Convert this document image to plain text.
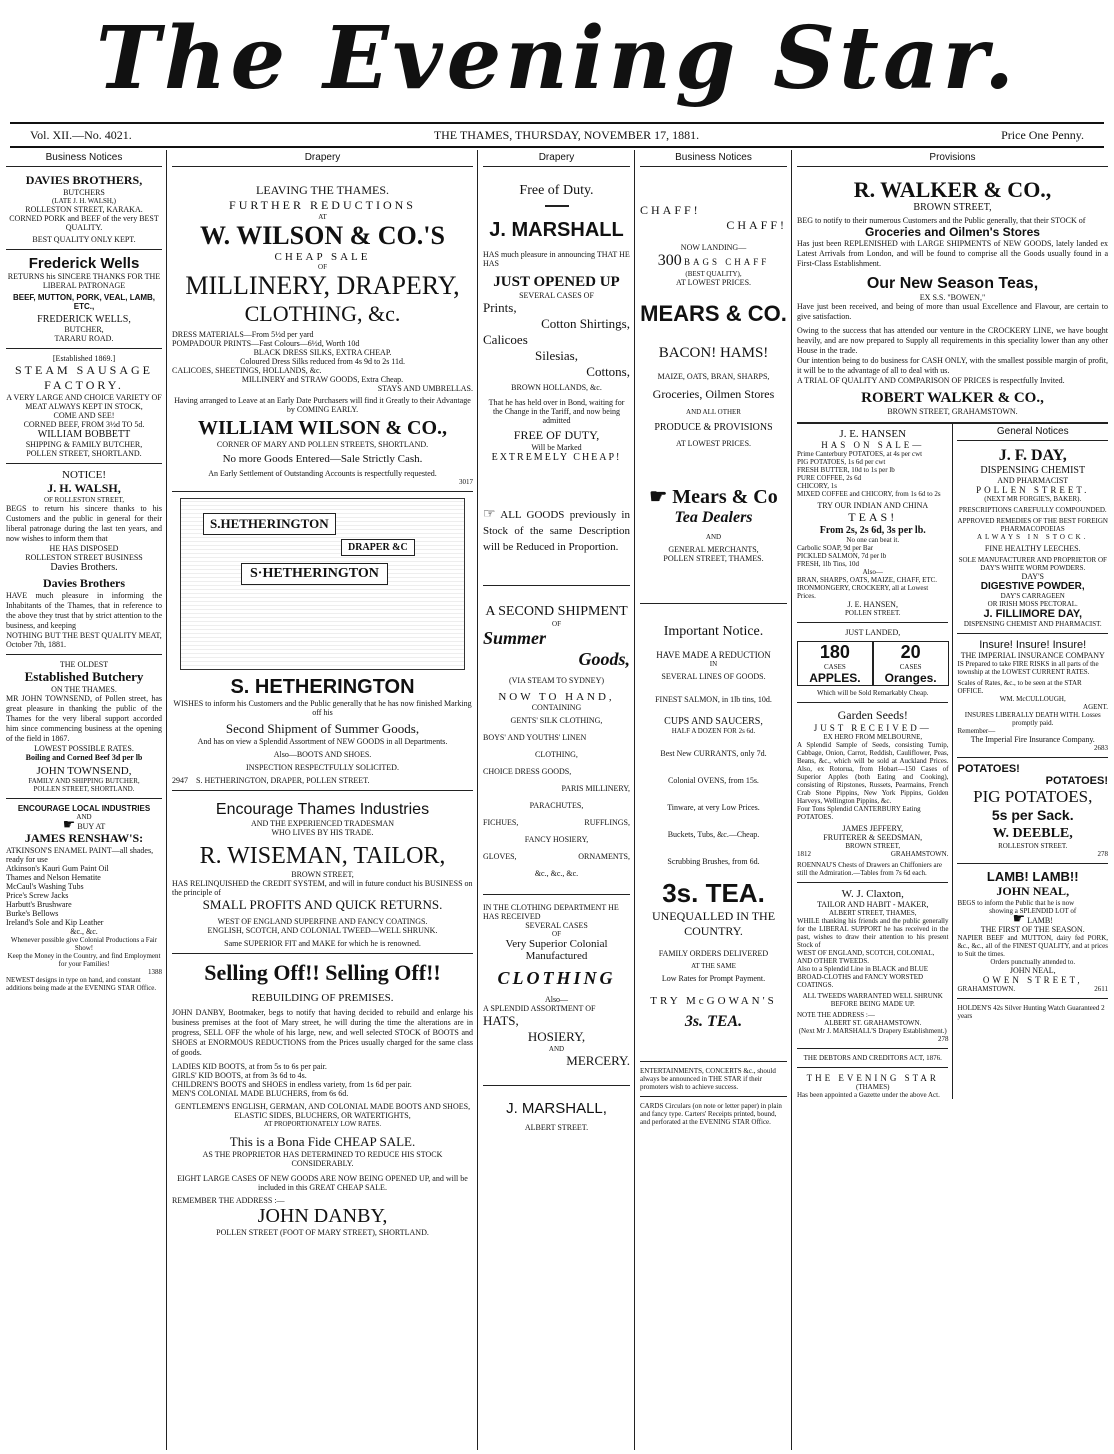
The Evening Star.
Vol. XII.—No. 4021.	THE THAMES, THURSDAY, NOVEMBER 17, 1881.	Price One Penny.
Business Notices
DAVIES BROTHERS,
BUTCHERS
(LATE J. H. WALSH,)
ROLLESTON STREET, KARAKA.
CORNED PORK and BEEF of the very BEST QUALITY.
BEST QUALITY ONLY KEPT.
Frederick Wells
RETURNS his SINCERE THANKS FOR THE LIBERAL PATRONAGE
BEEF, MUTTON, PORK, VEAL, LAMB, ETC.,
FREDERICK WELLS,
BUTCHER,
TARARU ROAD.
[Established 1869.]
STEAM SAUSAGE FACTORY.
A VERY LARGE AND CHOICE VARIETY OF MEAT ALWAYS KEPT IN STOCK,
COME AND SEE!
CORNED BEEF, FROM 3½d TO 5d.
WILLIAM BOBBETT
SHIPPING & FAMILY BUTCHER,
POLLEN STREET, SHORTLAND.
NOTICE!
J. H. WALSH,
OF ROLLESTON STREET,
BEGS to return his sincere thanks to his Customers and the public in general for their liberal patronage during the last ten years, and now wishes to inform them that
HE HAS DISPOSED
ROLLESTON STREET BUSINESS
Davies Brothers.
Davies Brothers
HAVE much pleasure in informing the Inhabitants of the Thames, that in reference to the above they trust that by strict attention to the business, and keeping
NOTHING BUT THE BEST QUALITY MEAT,
October 7th, 1881.
THE OLDEST
Established Butchery
ON THE THAMES.
MR JOHN TOWNSEND, of Pollen street, has great pleasure in thanking the public of the Thames for the very liberal support accorded him since commencing business at the opening of the field in 1867.
LOWEST POSSIBLE RATES.
Boiling and Corned Beef 3d per lb
JOHN TOWNSEND,
FAMILY AND SHIPPING BUTCHER,
POLLEN STREET, SHORTLAND.
ENCOURAGE LOCAL INDUSTRIES
AND
☛ BUY AT
JAMES RENSHAW'S:
ATKINSON'S ENAMEL PAINT—all shades, ready for use
Atkinson's Kauri Gum Paint Oil
Thames and Nelson Hematite
McCaul's Washing Tubs
Price's Screw Jacks
Harbutt's Brushware
Burke's Bellows
Ireland's Sole and Kip Leather
&c., &c.
Whenever possible give Colonial Productions a Fair Show!
Keep the Money in the Country, and find Employment for your Families!
1388
NEWEST designs in type on hand, and constant additions being made at the EVENING STAR Office.
Drapery
LEAVING THE THAMES.
FURTHER REDUCTIONS
AT
W. WILSON & CO.'S
CHEAP SALE
OF
MILLINERY, DRAPERY,
CLOTHING, &c.
DRESS MATERIALS—From 5½d per yard
POMPADOUR PRINTS—Fast Colours—6½d, Worth 10d
BLACK DRESS SILKS, EXTRA CHEAP.
Coloured Dress Silks reduced from 4s 9d to 2s 11d.
CALICOES, SHEETINGS, HOLLANDS, &c.
MILLINERY and STRAW GOODS, Extra Cheap.
STAYS AND UMBRELLAS.
Having arranged to Leave at an Early Date Purchasers will find it Greatly to their Advantage by COMING EARLY.
WILLIAM WILSON & CO.,
CORNER OF MARY AND POLLEN STREETS, SHORTLAND.
No more Goods Entered—Sale Strictly Cash.
An Early Settlement of Outstanding Accounts is respectfully requested.
3017
S.HETHERINGTON
DRAPER &C
S·HETHERINGTON
S. HETHERINGTON
WISHES to inform his Customers and the Public generally that he has now finished Marking off his
Second Shipment of Summer Goods,
And has on view a Splendid Assortment of NEW GOODS in all Departments.
Also—BOOTS AND SHOES.
INSPECTION RESPECTFULLY SOLICITED.
2947 S. HETHERINGTON, DRAPER, POLLEN STREET.
Encourage Thames Industries
AND THE EXPERIENCED TRADESMAN
WHO LIVES BY HIS TRADE.
R. WISEMAN, TAILOR,
BROWN STREET,
HAS RELINQUISHED the CREDIT SYSTEM, and will in future conduct his BUSINESS on the principle of
SMALL PROFITS AND QUICK RETURNS.
WEST OF ENGLAND SUPERFINE AND FANCY COATINGS.
ENGLISH, SCOTCH, AND COLONIAL TWEED—WELL SHRUNK.
Same SUPERIOR FIT and MAKE for which he is renowned.
Selling Off!! Selling Off!!
REBUILDING OF PREMISES.
JOHN DANBY, Bootmaker, begs to notify that having decided to rebuild and enlarge his business premises at the foot of Mary street, he will during the time the alterations are in progress, SELL OFF the whole of his large, new, and well selected STOCK of BOOTS and SHOES at ENORMOUS REDUCTIONS from the Prices usually charged for the same class of goods.
LADIES KID BOOTS, at from 5s to 6s per pair.
GIRLS' KID BOOTS, at from 3s 6d to 4s.
CHILDREN'S BOOTS and SHOES in endless variety, from 1s 6d per pair.
MEN'S COLONIAL MADE BLUCHERS, from 6s 6d.
GENTLEMEN'S ENGLISH, GERMAN, AND COLONIAL MADE BOOTS AND SHOES, ELASTIC SIDES, BLUCHERS, OR WATERTIGHTS,
AT PROPORTIONATELY LOW RATES.
This is a Bona Fide CHEAP SALE.
AS THE PROPRIETOR HAS DETERMINED TO REDUCE HIS STOCK CONSIDERABLY.
EIGHT LARGE CASES OF NEW GOODS ARE NOW BEING OPENED UP, and will be included in this GREAT CHEAP SALE.
REMEMBER THE ADDRESS :—
JOHN DANBY,
POLLEN STREET (FOOT OF MARY STREET), SHORTLAND.
Drapery
Free of Duty.
J. MARSHALL
HAS much pleasure in announcing THAT HE HAS
JUST OPENED UP
SEVERAL CASES OF
Prints,
Cotton Shirtings,
Calicoes
Silesias,
Cottons,
BROWN HOLLANDS, &c.
That he has held over in Bond, waiting for the Change in the Tariff, and now being admitted
FREE OF DUTY,
Will be Marked
EXTREMELY CHEAP!
☞ ALL GOODS previously in Stock of the same Description will be Reduced in Proportion.
A SECOND SHIPMENT
OF
Summer
Goods,
(VIA STEAM TO SYDNEY)
NOW TO HAND,
CONTAINING
GENTS' SILK CLOTHING,
BOYS' AND YOUTHS' LINEN
CLOTHING,
CHOICE DRESS GOODS,
PARIS MILLINERY,
PARACHUTES,
FICHUES,	RUFFLINGS,
FANCY HOSIERY,
GLOVES,	ORNAMENTS,
&c., &c., &c.
IN THE CLOTHING DEPARTMENT HE HAS RECEIVED
SEVERAL CASES
OF
Very Superior Colonial Manufactured
CLOTHING
Also—
A SPLENDID ASSORTMENT OF
HATS,
HOSIERY,
AND
MERCERY.
J. MARSHALL,
ALBERT STREET.
Business Notices
CHAFF!
CHAFF!
NOW LANDING—
300 BAGS CHAFF
(BEST QUALITY),
AT LOWEST PRICES.
MEARS & CO.
BACON! HAMS!
MAIZE, OATS, BRAN, SHARPS,
Groceries, Oilmen Stores
AND ALL OTHER
PRODUCE & PROVISIONS
AT LOWEST PRICES.
☛ Mears & Co
Tea Dealers
AND
GENERAL MERCHANTS,
POLLEN STREET, THAMES.
Important Notice.
HAVE MADE A REDUCTION
IN
SEVERAL LINES OF GOODS.
FINEST SALMON, in 1lb tins, 10d.
CUPS AND SAUCERS,
HALF A DOZEN FOR 2s 6d.
Best New CURRANTS, only 7d.
Colonial OVENS, from 15s.
Tinware, at very Low Prices.
Buckets, Tubs, &c.—Cheap.
Scrubbing Brushes, from 6d.
3s. TEA.
UNEQUALLED IN THE COUNTRY.
FAMILY ORDERS DELIVERED
AT THE SAME
Low Rates for Prompt Payment.
TRY McGOWAN'S
3s. TEA.
ENTERTAINMENTS, CONCERTS &c., should always be announced in THE STAR if their promoters wish to achieve success.
CARDS Circulars (on note or letter paper) in plain and fancy type. Carters' Receipts printed, bound, and perforated at the EVENING STAR Office.
Provisions
R. WALKER & CO.,
BROWN STREET,
BEG to notify to their numerous Customers and the Public generally, that their STOCK of
Groceries and Oilmen's Stores
Has just been REPLENISHED with LARGE SHIPMENTS of NEW GOODS, lately landed ex Latest Arrivals from London, and will be found to comprise all the Goods usually found in a First-Class Establishment.
Our New Season Teas,
EX S.S. "BOWEN,"
Have just been received, and being of more than usual Excellence and Flavour, are certain to give satisfaction.
Owing to the success that has attended our venture in the CROCKERY LINE, we have bought heavily, and are now prepared to Supply all requirements in this speciality lower than any other House in the trade.
Our intention being to do business for CASH ONLY, with the smallest possible margin of profit, it will be to the advantage of all to deal with us.
A TRIAL OF QUALITY AND COMPARISON OF PRICES is respectfully Invited.
ROBERT WALKER & CO.,
BROWN STREET, GRAHAMSTOWN.
J. E. HANSEN
HAS ON SALE—
Prime Canterbury POTATOES, at 4s per cwt
PIG POTATOES, 1s 6d per cwt
FRESH BUTTER, 10d to 1s per lb
PURE COFFEE, 2s 6d
CHICORY, 1s
MIXED COFFEE and CHICORY, from 1s 6d to 2s
TRY OUR INDIAN AND CHINA
TEAS!
From 2s, 2s 6d, 3s per lb.
No one can beat it.
Carbolic SOAP, 9d per Bar
PICKLED SALMON, 7d per lb
FRESH, 1lb Tins, 10d
Also—
BRAN, SHARPS, OATS, MAIZE, CHAFF, ETC.
IRONMONGERY, CROCKERY, all at Lowest Prices.
J. E. HANSEN,
POLLEN STREET.
JUST LANDED,
180
CASES
APPLES.
20
CASES
Oranges.
Which will be Sold Remarkably Cheap.
Garden Seeds!
JUST RECEIVED—
EX HERO FROM MELBOURNE,
A Splendid Sample of Seeds, consisting Turnip, Cabbage, Onion, Carrot, Reddish, Cauliflower, Peas, Beans, &c., which will be sold at Auckland Prices. Also, ex Rotorua, from Hobart—150 Cases of Superior Apples (both Eating and Cooking), consisting of Ripstones, Russets, Pearmains, French Crab Stone Pippins, New York Pippins, Golden Harveys, Wellington Pippins, &c.
Four Tons Splendid CANTERBURY Eating POTATOES.
JAMES JEFFERY,
FRUITERER & SEEDSMAN,
BROWN STREET,
1812	GRAHAMSTOWN.
ROENNAU'S Chests of Drawers an Chiffoniers are still the Admiration.—Tables from 7s 6d each.
W. J. Claxton,
TAILOR AND HABIT - MAKER,
ALBERT STREET, THAMES,
WHILE thanking his friends and the public generally for the LIBERAL SUPPORT he has received in the past, wishes to draw their attention to his present Stock of
WEST OF ENGLAND, SCOTCH, COLONIAL, AND OTHER TWEEDS.
Also to a Splendid Line in BLACK and BLUE BROAD-CLOTHS and FANCY WORSTED COATINGS.
ALL TWEEDS WARRANTED WELL SHRUNK BEFORE BEING MADE UP.
NOTE THE ADDRESS :—
ALBERT ST. GRAHAMSTOWN.
(Next Mr J. MARSHALL'S Drapery Establishment.)
278
THE DEBTORS AND CREDITORS ACT, 1876.
THE EVENING STAR
(THAMES)
Has been appointed a Gazette under the above Act.
General Notices
J. F. DAY,
DISPENSING CHEMIST
AND PHARMACIST
POLLEN STREET.
(NEXT MR FORGIE'S, BAKER).
PRESCRIPTIONS CAREFULLY COMPOUNDED.
APPROVED REMEDIES OF THE BEST FOREIGN PHARMACOPOEIAS
ALWAYS IN STOCK.
FINE HEALTHY LEECHES.
SOLE MANUFACTURER AND PROPRIETOR OF
DAY'S WHITE WORM POWDERS.
DAY'S
DIGESTIVE POWDER,
DAY'S CARRAGEEN
OR IRISH MOSS PECTORAL.
J. FILLIMORE DAY,
DISPENSING CHEMIST AND PHARMACIST.
Insure! Insure! Insure!
THE IMPERIAL INSURANCE COMPANY
IS Prepared to take FIRE RISKS in all parts of the township at the LOWEST CURRENT RATES.
Scales of Rates, &c., to be seen at the STAR OFFICE.
WM. McCULLOUGH,
AGENT.
INSURES LIBERALLY DEATH WITH. Losses promptly paid.
Remember—
The Imperial Fire Insurance Company.
2683
POTATOES!
POTATOES!
PIG POTATOES,
5s per Sack.
W. DEEBLE,
ROLLESTON STREET.
278
LAMB! LAMB!!
JOHN NEAL,
BEGS to inform the Public that he is now
showing a SPLENDID LOT of
☛ LAMB!
THE FIRST OF THE SEASON.
NAPIER BEEF and MUTTON, dairy fed PORK, &c., &c., all of the FINEST QUALITY, and at prices to Suit the times.
Orders punctually attended to.
JOHN NEAL,
OWEN STREET,
GRAHAMSTOWN.	2611
HOLDEN'S 42s Silver Hunting Watch Guaranteed 2 years
